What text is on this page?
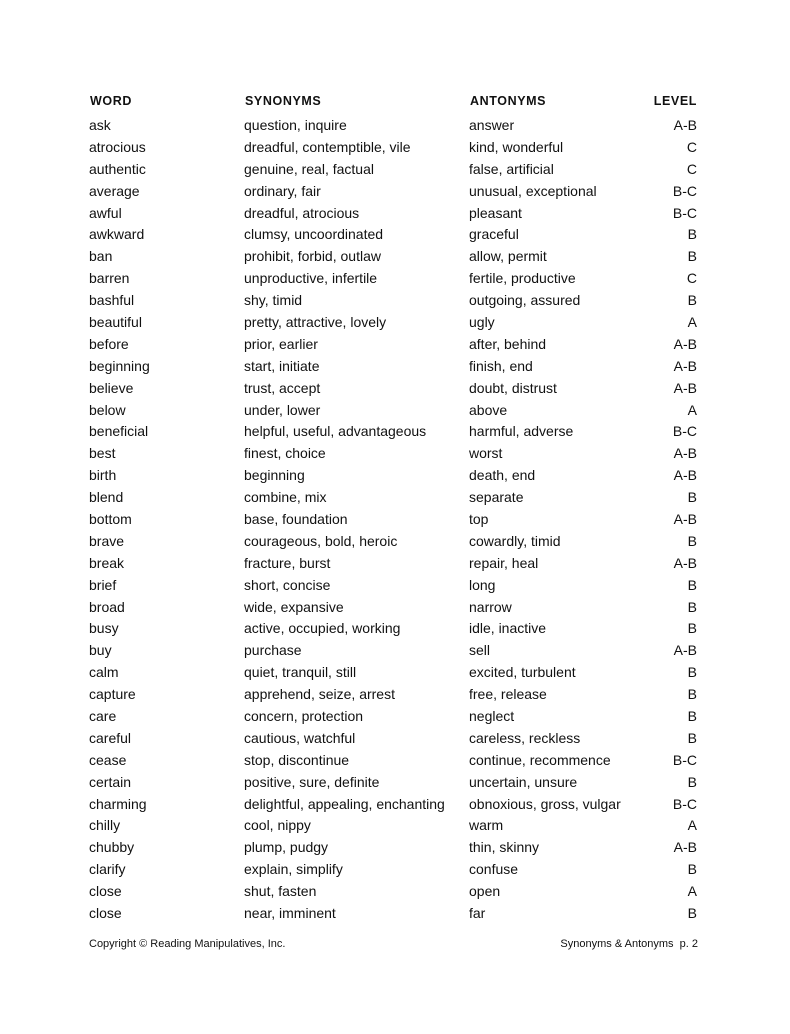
WORD	SYNONYMS	ANTONYMS	LEVEL
ask	question, inquire	answer	A-B
atrocious	dreadful, contemptible, vile	kind, wonderful	C
authentic	genuine, real, factual	false, artificial	C
average	ordinary, fair	unusual, exceptional	B-C
awful	dreadful, atrocious	pleasant	B-C
awkward	clumsy, uncoordinated	graceful	B
ban	prohibit, forbid, outlaw	allow, permit	B
barren	unproductive, infertile	fertile, productive	C
bashful	shy, timid	outgoing, assured	B
beautiful	pretty, attractive, lovely	ugly	A
before	prior, earlier	after, behind	A-B
beginning	start, initiate	finish, end	A-B
believe	trust, accept	doubt, distrust	A-B
below	under, lower	above	A
beneficial	helpful, useful, advantageous	harmful, adverse	B-C
best	finest, choice	worst	A-B
birth	beginning	death, end	A-B
blend	combine, mix	separate	B
bottom	base, foundation	top	A-B
brave	courageous, bold, heroic	cowardly, timid	B
break	fracture, burst	repair, heal	A-B
brief	short, concise	long	B
broad	wide, expansive	narrow	B
busy	active, occupied, working	idle, inactive	B
buy	purchase	sell	A-B
calm	quiet, tranquil, still	excited, turbulent	B
capture	apprehend, seize, arrest	free, release	B
care	concern, protection	neglect	B
careful	cautious, watchful	careless, reckless	B
cease	stop, discontinue	continue, recommence	B-C
certain	positive, sure, definite	uncertain, unsure	B
charming	delightful, appealing, enchanting	obnoxious, gross, vulgar	B-C
chilly	cool, nippy	warm	A
chubby	plump, pudgy	thin, skinny	A-B
clarify	explain, simplify	confuse	B
close	shut, fasten	open	A
close	near, imminent	far	B
Copyright © Reading Manipulatives, Inc.	Synonyms & Antonyms  p. 2
